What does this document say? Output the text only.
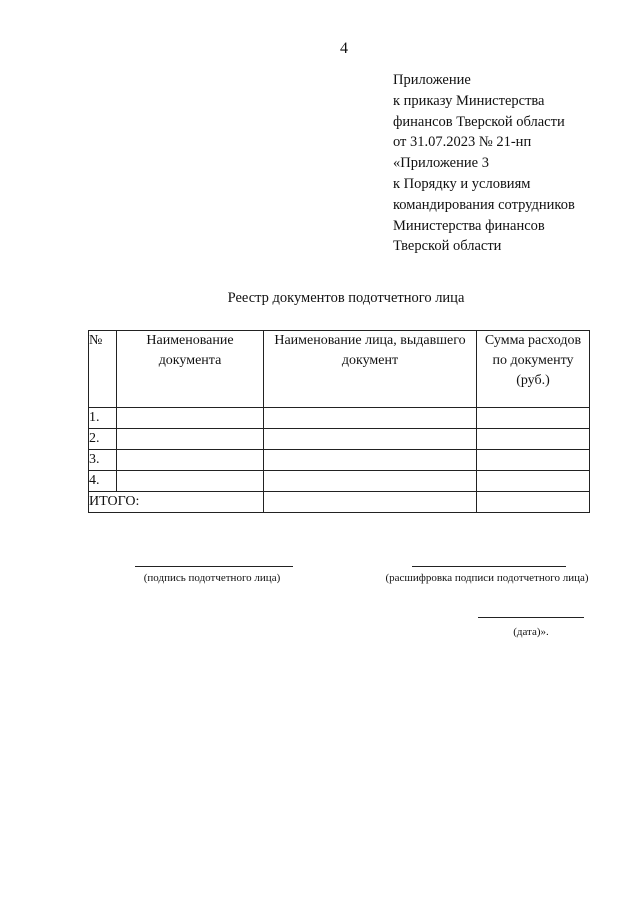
4
Приложение
к приказу Министерства
финансов Тверской области
от 31.07.2023 № 21-нп
«Приложение 3
к Порядку и условиям
командирования сотрудников
Министерства финансов
Тверской области
Реестр документов подотчетного лица
№	Наименование документа	Наименование лица, выдавшего документ	Сумма расходов по документу (руб.)
1.			
2.			
3.			
4.			
ИТОГО:			
(подпись подотчетного лица)	(расшифровка подписи подотчетного лица)
(дата)».
